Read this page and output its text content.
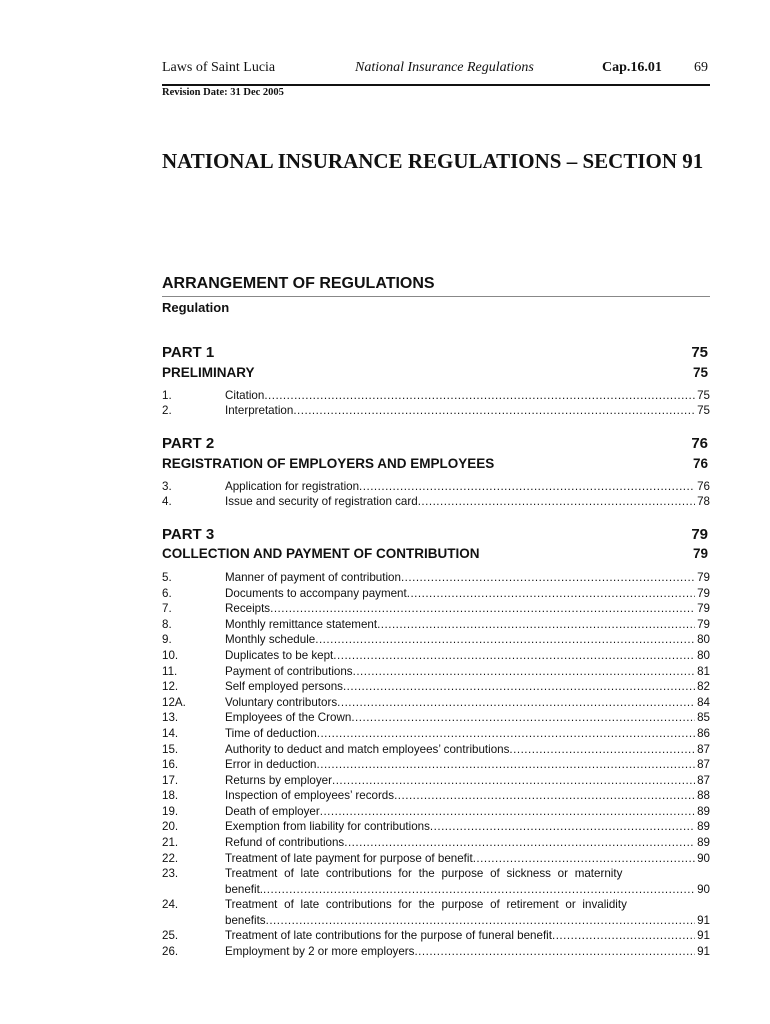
Laws of Saint Lucia	National Insurance Regulations	Cap.16.01 69
Revision Date: 31 Dec 2005
NATIONAL INSURANCE REGULATIONS – SECTION 91
ARRANGEMENT OF REGULATIONS
Regulation
PART 1	75
PRELIMINARY	75
1.	Citation .....	75
2.	Interpretation .....	75
PART 2	76
REGISTRATION OF EMPLOYERS AND EMPLOYEES	76
3.	Application for registration .....	76
4.	Issue and security of registration card .....	78
PART 3	79
COLLECTION AND PAYMENT OF CONTRIBUTION	79
5.	Manner of payment of contribution .....	79
6.	Documents to accompany payment .....	79
7.	Receipts .....	79
8.	Monthly remittance statement .....	79
9.	Monthly schedule .....	80
10.	Duplicates to be kept .....	80
11.	Payment of contributions .....	81
12.	Self employed persons .....	82
12A.	Voluntary contributors .....	84
13.	Employees of the Crown .....	85
14.	Time of deduction .....	86
15.	Authority to deduct and match employees’ contributions .....	87
16.	Error in deduction .....	87
17.	Returns by employer .....	87
18.	Inspection of employees’ records .....	88
19.	Death of employer .....	89
20.	Exemption from liability for contributions .....	89
21.	Refund of contributions .....	89
22.	Treatment of late payment for purpose of benefit .....	90
23.	Treatment of late contributions for the purpose of sickness or maternity
benefit. .....	90
24.	Treatment of late contributions for the purpose of retirement or invalidity
benefits .....	91
25.	Treatment of late contributions for the purpose of funeral benefit .....	91
26.	Employment by 2 or more employers .....	91
